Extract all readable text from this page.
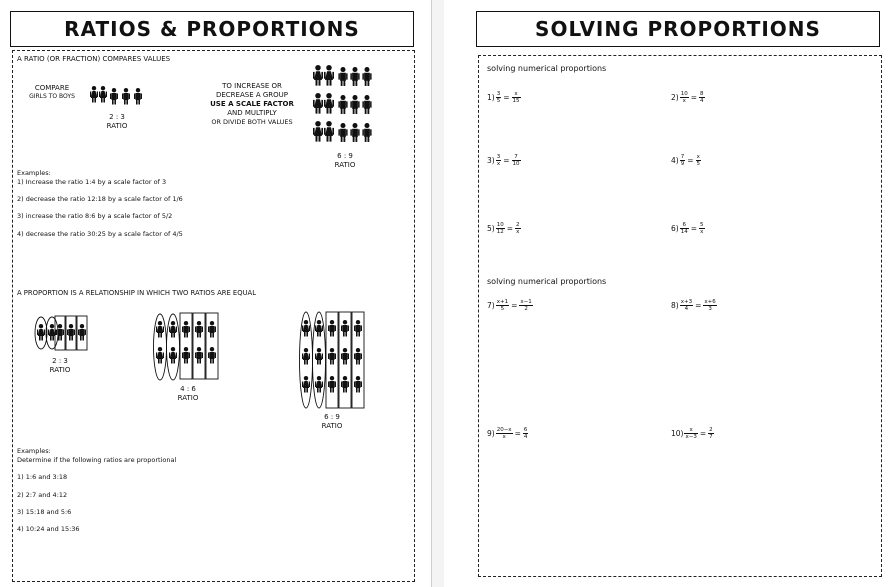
RATIOS & PROPORTIONS
A RATIO (OR FRACTION) COMPARES VALUES
COMPARE
GIRLS TO BOYS
2 : 3
RATIO
TO INCREASE OR
DECREASE A GROUP
USE A SCALE FACTOR
AND MULTIPLY
OR DIVIDE BOTH VALUES
6 : 9
RATIO
Examples:
1) Increase the ratio 1:4 by a scale factor of 3
2) decrease the ratio 12:18 by a scale factor of 1/6
3) increase the ratio 8:6 by a scale factor of 5/2
4) decrease the ratio 30:25 by a scale factor of 4/5
A PROPORTION IS A RELATIONSHIP IN WHICH TWO RATIOS ARE EQUAL
2 : 3
RATIO
4 : 6
RATIO
6 : 9
RATIO
Examples:
Determine if the following ratios are proportional
1) 1:6 and 3:18
2) 2:7 and 4:12
3) 15:18 and 5:6
4) 10:24 and 15:36
SOLVING PROPORTIONS
solving numerical proportions
solving numerical proportions
$1) \frac{3}{5} = \frac{x}{15}$	$2) \frac{10}{x} = \frac{8}{4}$
$3) \frac{3}{x} = \frac{7}{10}$	$4) \frac{7}{9} = \frac{x}{5}$
$5) \frac{10}{12} = \frac{2}{x}$	$6) \frac{6}{14} = \frac{5}{x}$
$7) \frac{x+1}{5} = \frac{x-1}{2}$	$8) \frac{x+3}{4} = \frac{x+6}{3}$
$9) \frac{20-x}{x} = \frac{6}{4}$	$10) \frac{x}{x-3} = \frac{2}{7}$
